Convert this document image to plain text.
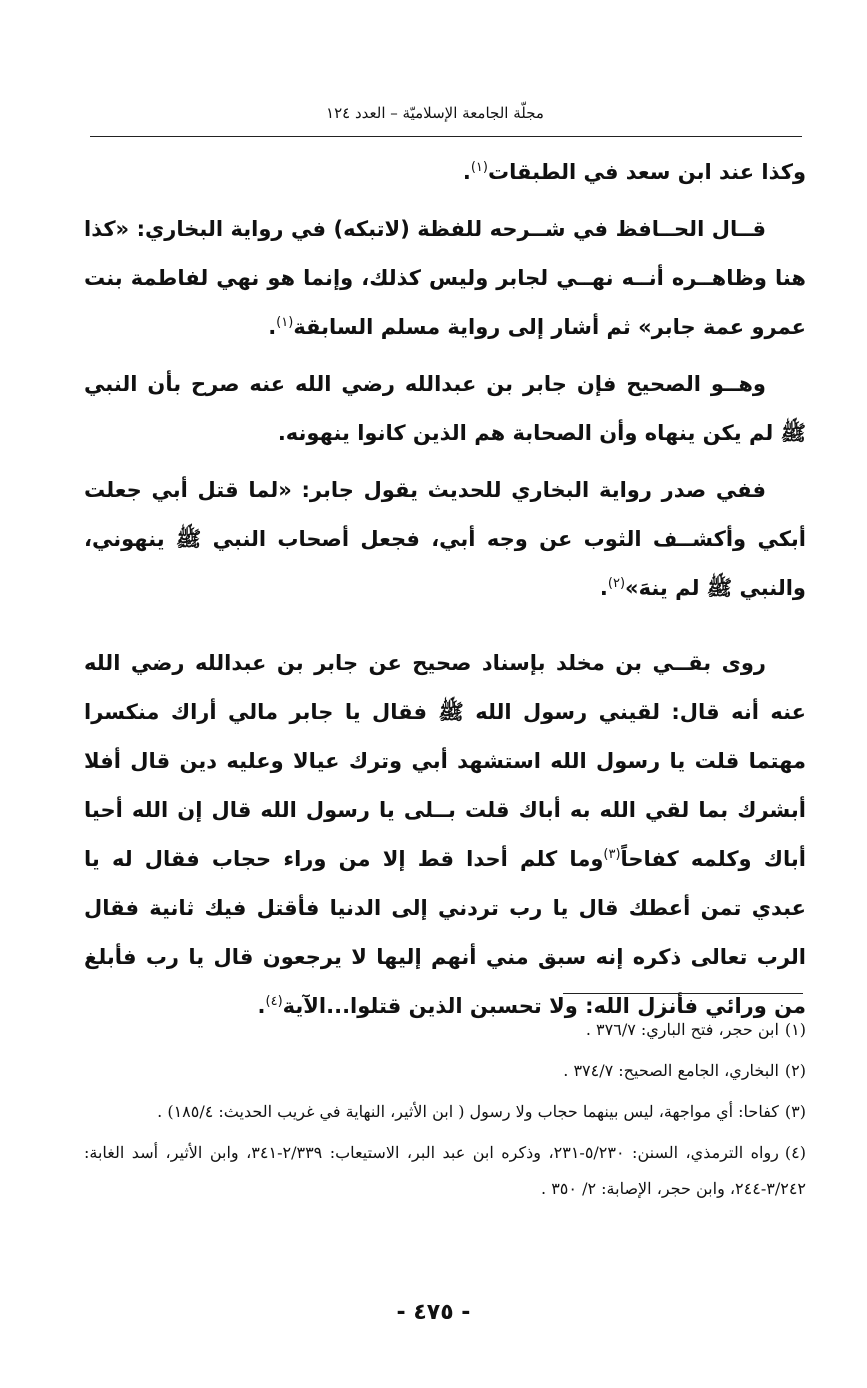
مجلّة الجامعة الإسلاميّة – العدد ١٢٤

وكذا عند ابن سعد في الطبقات$^{(١)}$.

قــال الحــافظ في شــرحه للفظة (لاتبكه) في رواية البخاري: «كذا هنا وظاهــره أنــه نهــي لجابر وليس كذلك، وإنما هو نهي لفاطمة بنت عمرو عمة جابر» ثم أشار إلى رواية مسلم السابقة$^{(١)}$.

وهــو الصحيح فإن جابر بن عبدالله رضي الله عنه صرح بأن النبي ﷺ لم يكن ينهاه وأن الصحابة هم الذين كانوا ينهونه.

ففي صدر رواية البخاري للحديث يقول جابر: «لما قتل أبي جعلت أبكي وأكشــف الثوب عن وجه أبي، فجعل أصحاب النبي ﷺ ينهوني، والنبي ﷺ لم ينهَ»$^{(٢)}$.

روى بقــي بن مخلد بإسناد صحيح عن جابر بن عبدالله رضي الله عنه أنه قال: لقيني رسول الله ﷺ فقال يا جابر مالي أراك منكسرا مهتما قلت يا رسول الله استشهد أبي وترك عيالا وعليه دين قال أفلا أبشرك بما لقي الله به أباك قلت بــلى يا رسول الله قال إن الله أحيا أباك وكلمه كفاحاً$^{(٣)}$وما كلم أحدا قط إلا من وراء حجاب فقال له يا عبدي تمن أعطك قال يا رب تردني إلى الدنيا فأقتل فيك ثانية فقال الرب تعالى ذكره إنه سبق مني أنهم إليها لا يرجعون قال يا رب فأبلغ من ورائي فأنزل الله: ولا تحسبن الذين قتلوا...الآية$^{(٤)}$.

(١)ابن حجر، فتح الباري: ٣٧٦/٧ .
(٢)البخاري، الجامع الصحيح: ٣٧٤/٧ .
(٣)كفاحا: أي مواجهة، ليس بينهما حجاب ولا رسول ( ابن الأثير، النهاية في غريب الحديث: ١٨٥/٤) .
(٤)رواه الترمذي، السنن: ٥/٢٣٠-٢٣١، وذكره ابن عبد البر، الاستيعاب: ٢/٣٣٩-٣٤١، وابن الأثير، أسد الغابة: ٣/٢٤٢-٢٤٤، وابن حجر، الإصابة: ٢/ ٣٥٠ .
- ٤٧٥ -
